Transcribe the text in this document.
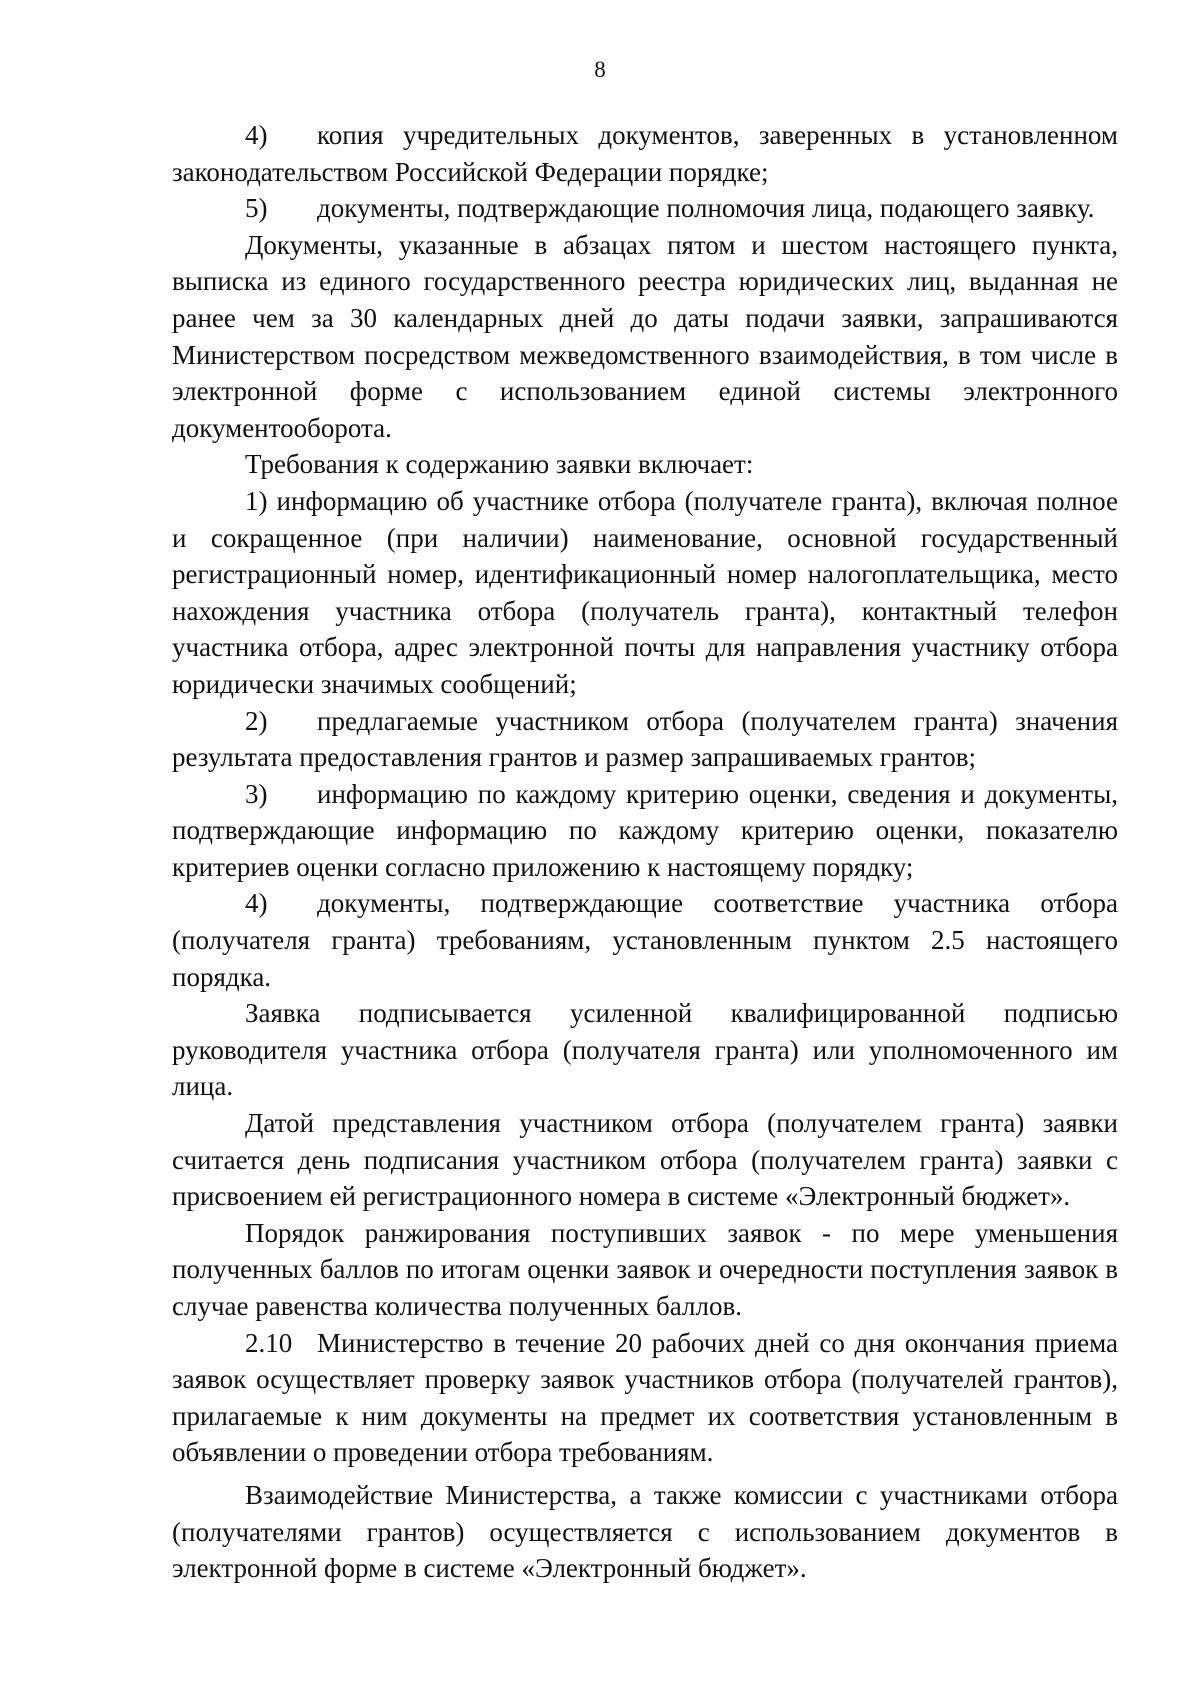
8

4) копия учредительных документов, заверенных в установленном законодательством Российской Федерации порядке;

5) документы, подтверждающие полномочия лица, подающего заявку.

Документы, указанные в абзацах пятом и шестом настоящего пункта, выписка из единого государственного реестра юридических лиц, выданная не ранее чем за 30 календарных дней до даты подачи заявки, запрашиваются Министерством посредством межведомственного взаимодействия, в том числе в электронной форме с использованием единой системы электронного документооборота.

Требования к содержанию заявки включает:

1) информацию об участнике отбора (получателе гранта), включая полное и сокращенное (при наличии) наименование, основной государственный регистрационный номер, идентификационный номер налогоплательщика, место нахождения участника отбора (получатель гранта), контактный телефон участника отбора, адрес электронной почты для направления участнику отбора юридически значимых сообщений;

2) предлагаемые участником отбора (получателем гранта) значения результата предоставления грантов и размер запрашиваемых грантов;

3) информацию по каждому критерию оценки, сведения и документы, подтверждающие информацию по каждому критерию оценки, показателю критериев оценки согласно приложению к настоящему порядку;

4) документы, подтверждающие соответствие участника отбора (получателя гранта) требованиям, установленным пунктом 2.5 настоящего порядка.

Заявка подписывается усиленной квалифицированной подписью руководителя участника отбора (получателя гранта) или уполномоченного им лица.

Датой представления участником отбора (получателем гранта) заявки считается день подписания участником отбора (получателем гранта) заявки с присвоением ей регистрационного номера в системе «Электронный бюджет».

Порядок ранжирования поступивших заявок - по мере уменьшения полученных баллов по итогам оценки заявок и очередности поступления заявок в случае равенства количества полученных баллов.

2.10 Министерство в течение 20 рабочих дней со дня окончания приема заявок осуществляет проверку заявок участников отбора (получателей грантов), прилагаемые к ним документы на предмет их соответствия установленным в объявлении о проведении отбора требованиям.

Взаимодействие Министерства, а также комиссии с участниками отбора (получателями грантов) осуществляется с использованием документов в электронной форме в системе «Электронный бюджет».
